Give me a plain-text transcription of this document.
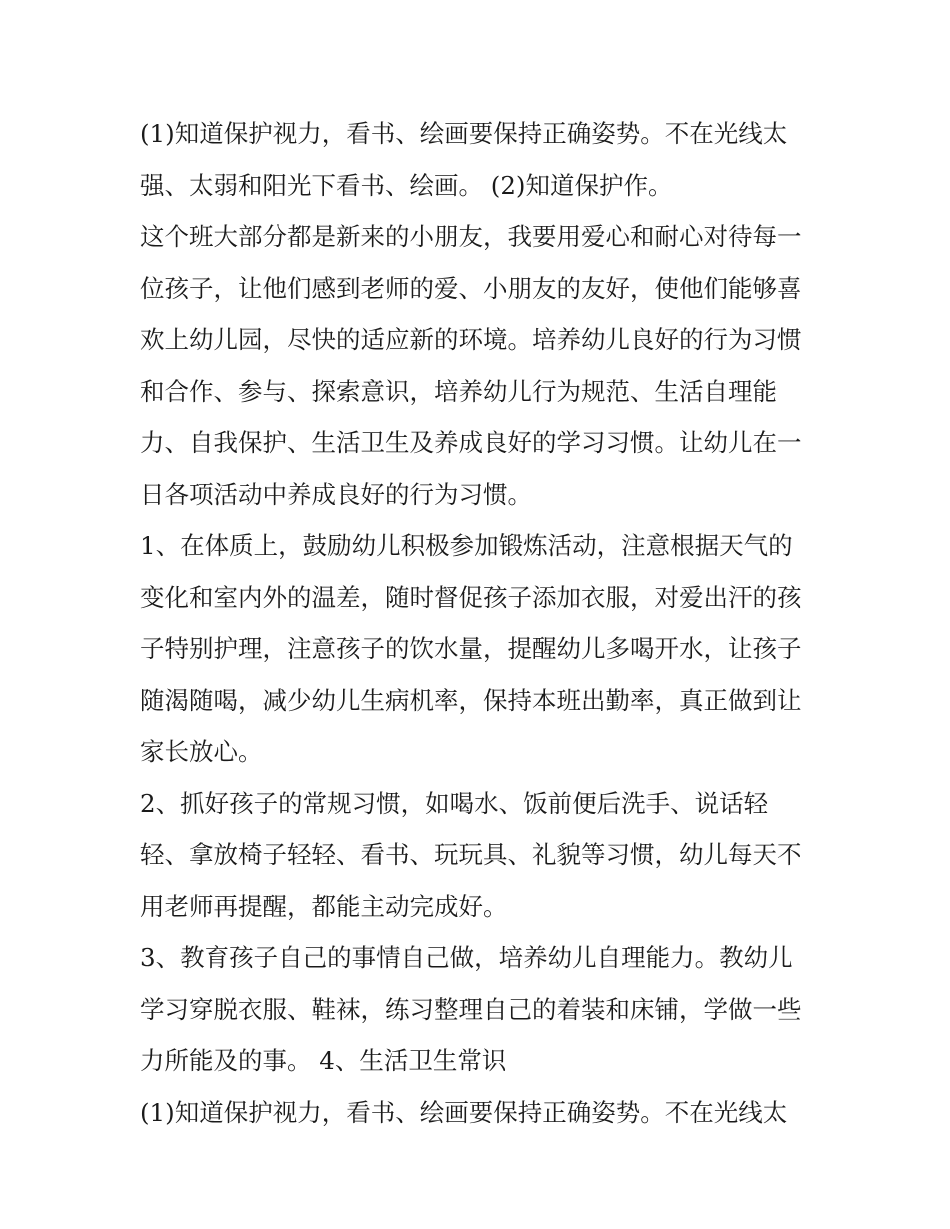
(1)知道保护视力，看书、绘画要保持正确姿势。不在光线太
强、太弱和阳光下看书、绘画。 (2)知道保护作。
这个班大部分都是新来的小朋友，我要用爱心和耐心对待每一
位孩子，让他们感到老师的爱、小朋友的友好，使他们能够喜
欢上幼儿园，尽快的适应新的环境。培养幼儿良好的行为习惯
和合作、参与、探索意识，培养幼儿行为规范、生活自理能
力、自我保护、生活卫生及养成良好的学习习惯。让幼儿在一
日各项活动中养成良好的行为习惯。
1、在体质上，鼓励幼儿积极参加锻炼活动，注意根据天气的
变化和室内外的温差，随时督促孩子添加衣服，对爱出汗的孩
子特别护理，注意孩子的饮水量，提醒幼儿多喝开水，让孩子
随渴随喝，减少幼儿生病机率，保持本班出勤率，真正做到让
家长放心。
2、抓好孩子的常规习惯，如喝水、饭前便后洗手、说话轻
轻、拿放椅子轻轻、看书、玩玩具、礼貌等习惯，幼儿每天不
用老师再提醒，都能主动完成好。
3、教育孩子自己的事情自己做，培养幼儿自理能力。教幼儿
学习穿脱衣服、鞋袜，练习整理自己的着装和床铺，学做一些
力所能及的事。 4、生活卫生常识
(1)知道保护视力，看书、绘画要保持正确姿势。不在光线太
